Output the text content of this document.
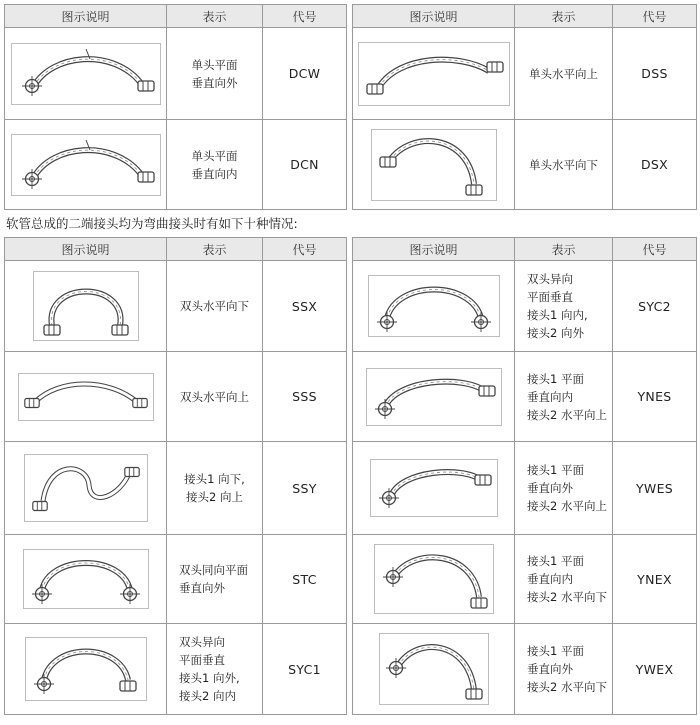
图示说明	表示	代号

	单头平面
垂直向外	DCW

	单头平面
垂直向内	DCN
图示说明	表示	代号

	单头水平向上	DSS

	单头水平向下	DSX
软管总成的二端接头均为弯曲接头时有如下十种情况:
图示说明	表示	代号

	双头水平向下	SSX

	双头水平向上	SSS

	接头1 向下,
接头2 向上	SSY

	双头同向平面
垂直向外	STC

	双头异向
平面垂直
接头1 向外,
接头2 向内	SYC1
图示说明	表示	代号

	双头异向
平面垂直
接头1 向内,
接头2 向外	SYC2

	接头1 平面
垂直向内
接头2 水平向上	YNES

	接头1 平面
垂直向外
接头2 水平向上	YWES

	接头1 平面
垂直向内
接头2 水平向下	YNEX

	接头1 平面
垂直向外
接头2 水平向下	YWEX
